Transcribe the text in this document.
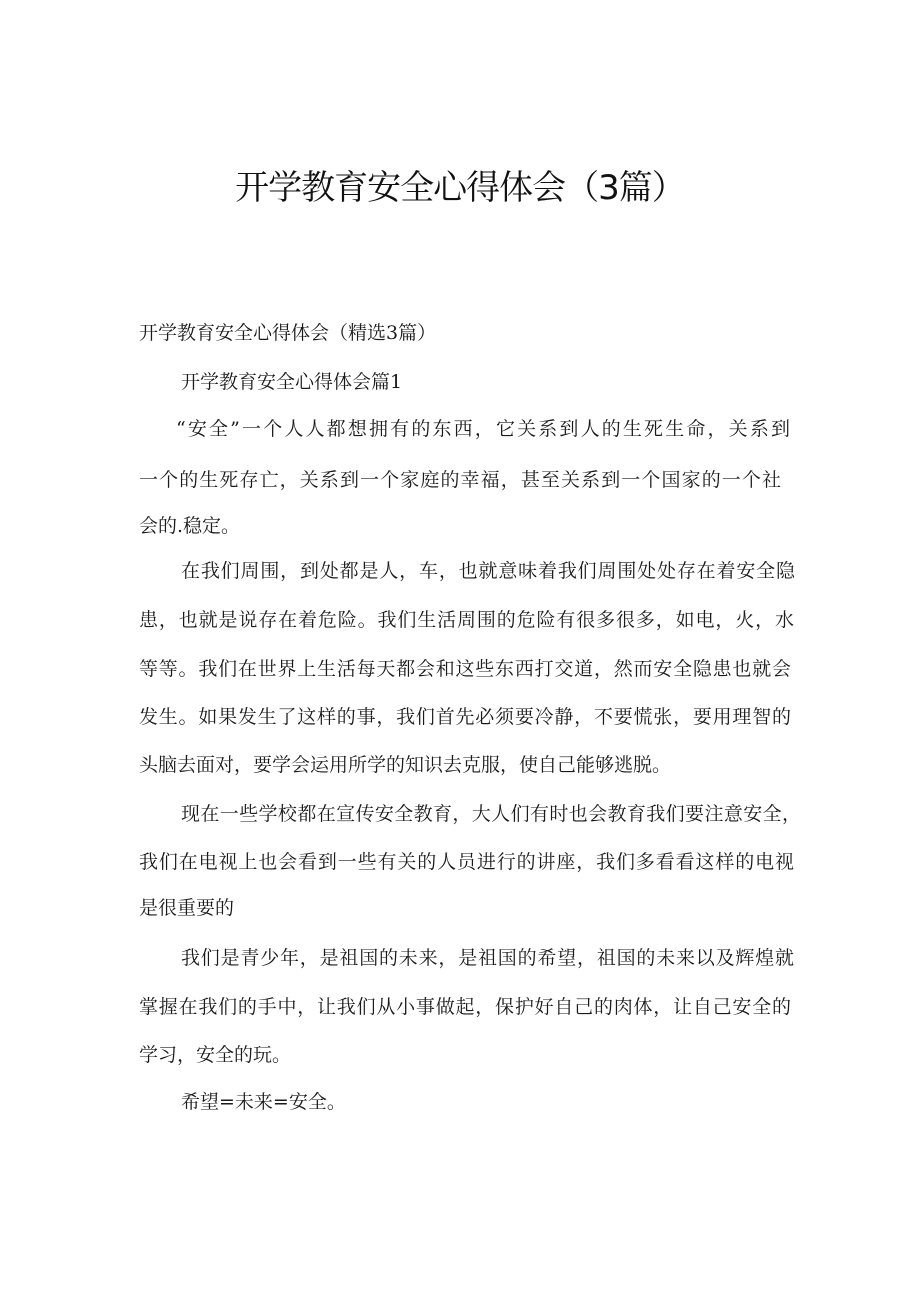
开学教育安全心得体会（3篇）
开学教育安全心得体会（精选3篇）
开学教育安全心得体会篇1
“安全”一个人人都想拥有的东西，它关系到人的生死生命，关系到
一个的生死存亡，关系到一个家庭的幸福，甚至关系到一个国家的一个社
会的.稳定。
在我们周围，到处都是人，车，也就意味着我们周围处处存在着安全隐
患，也就是说存在着危险。我们生活周围的危险有很多很多，如电，火，水
等等。我们在世界上生活每天都会和这些东西打交道，然而安全隐患也就会
发生。如果发生了这样的事，我们首先必须要冷静，不要慌张，要用理智的
头脑去面对，要学会运用所学的知识去克服，使自己能够逃脱。
现在一些学校都在宣传安全教育，大人们有时也会教育我们要注意安全，
我们在电视上也会看到一些有关的人员进行的讲座，我们多看看这样的电视
是很重要的
我们是青少年，是祖国的未来，是祖国的希望，祖国的未来以及辉煌就
掌握在我们的手中，让我们从小事做起，保护好自己的肉体，让自己安全的
学习，安全的玩。
希望=未来=安全。
